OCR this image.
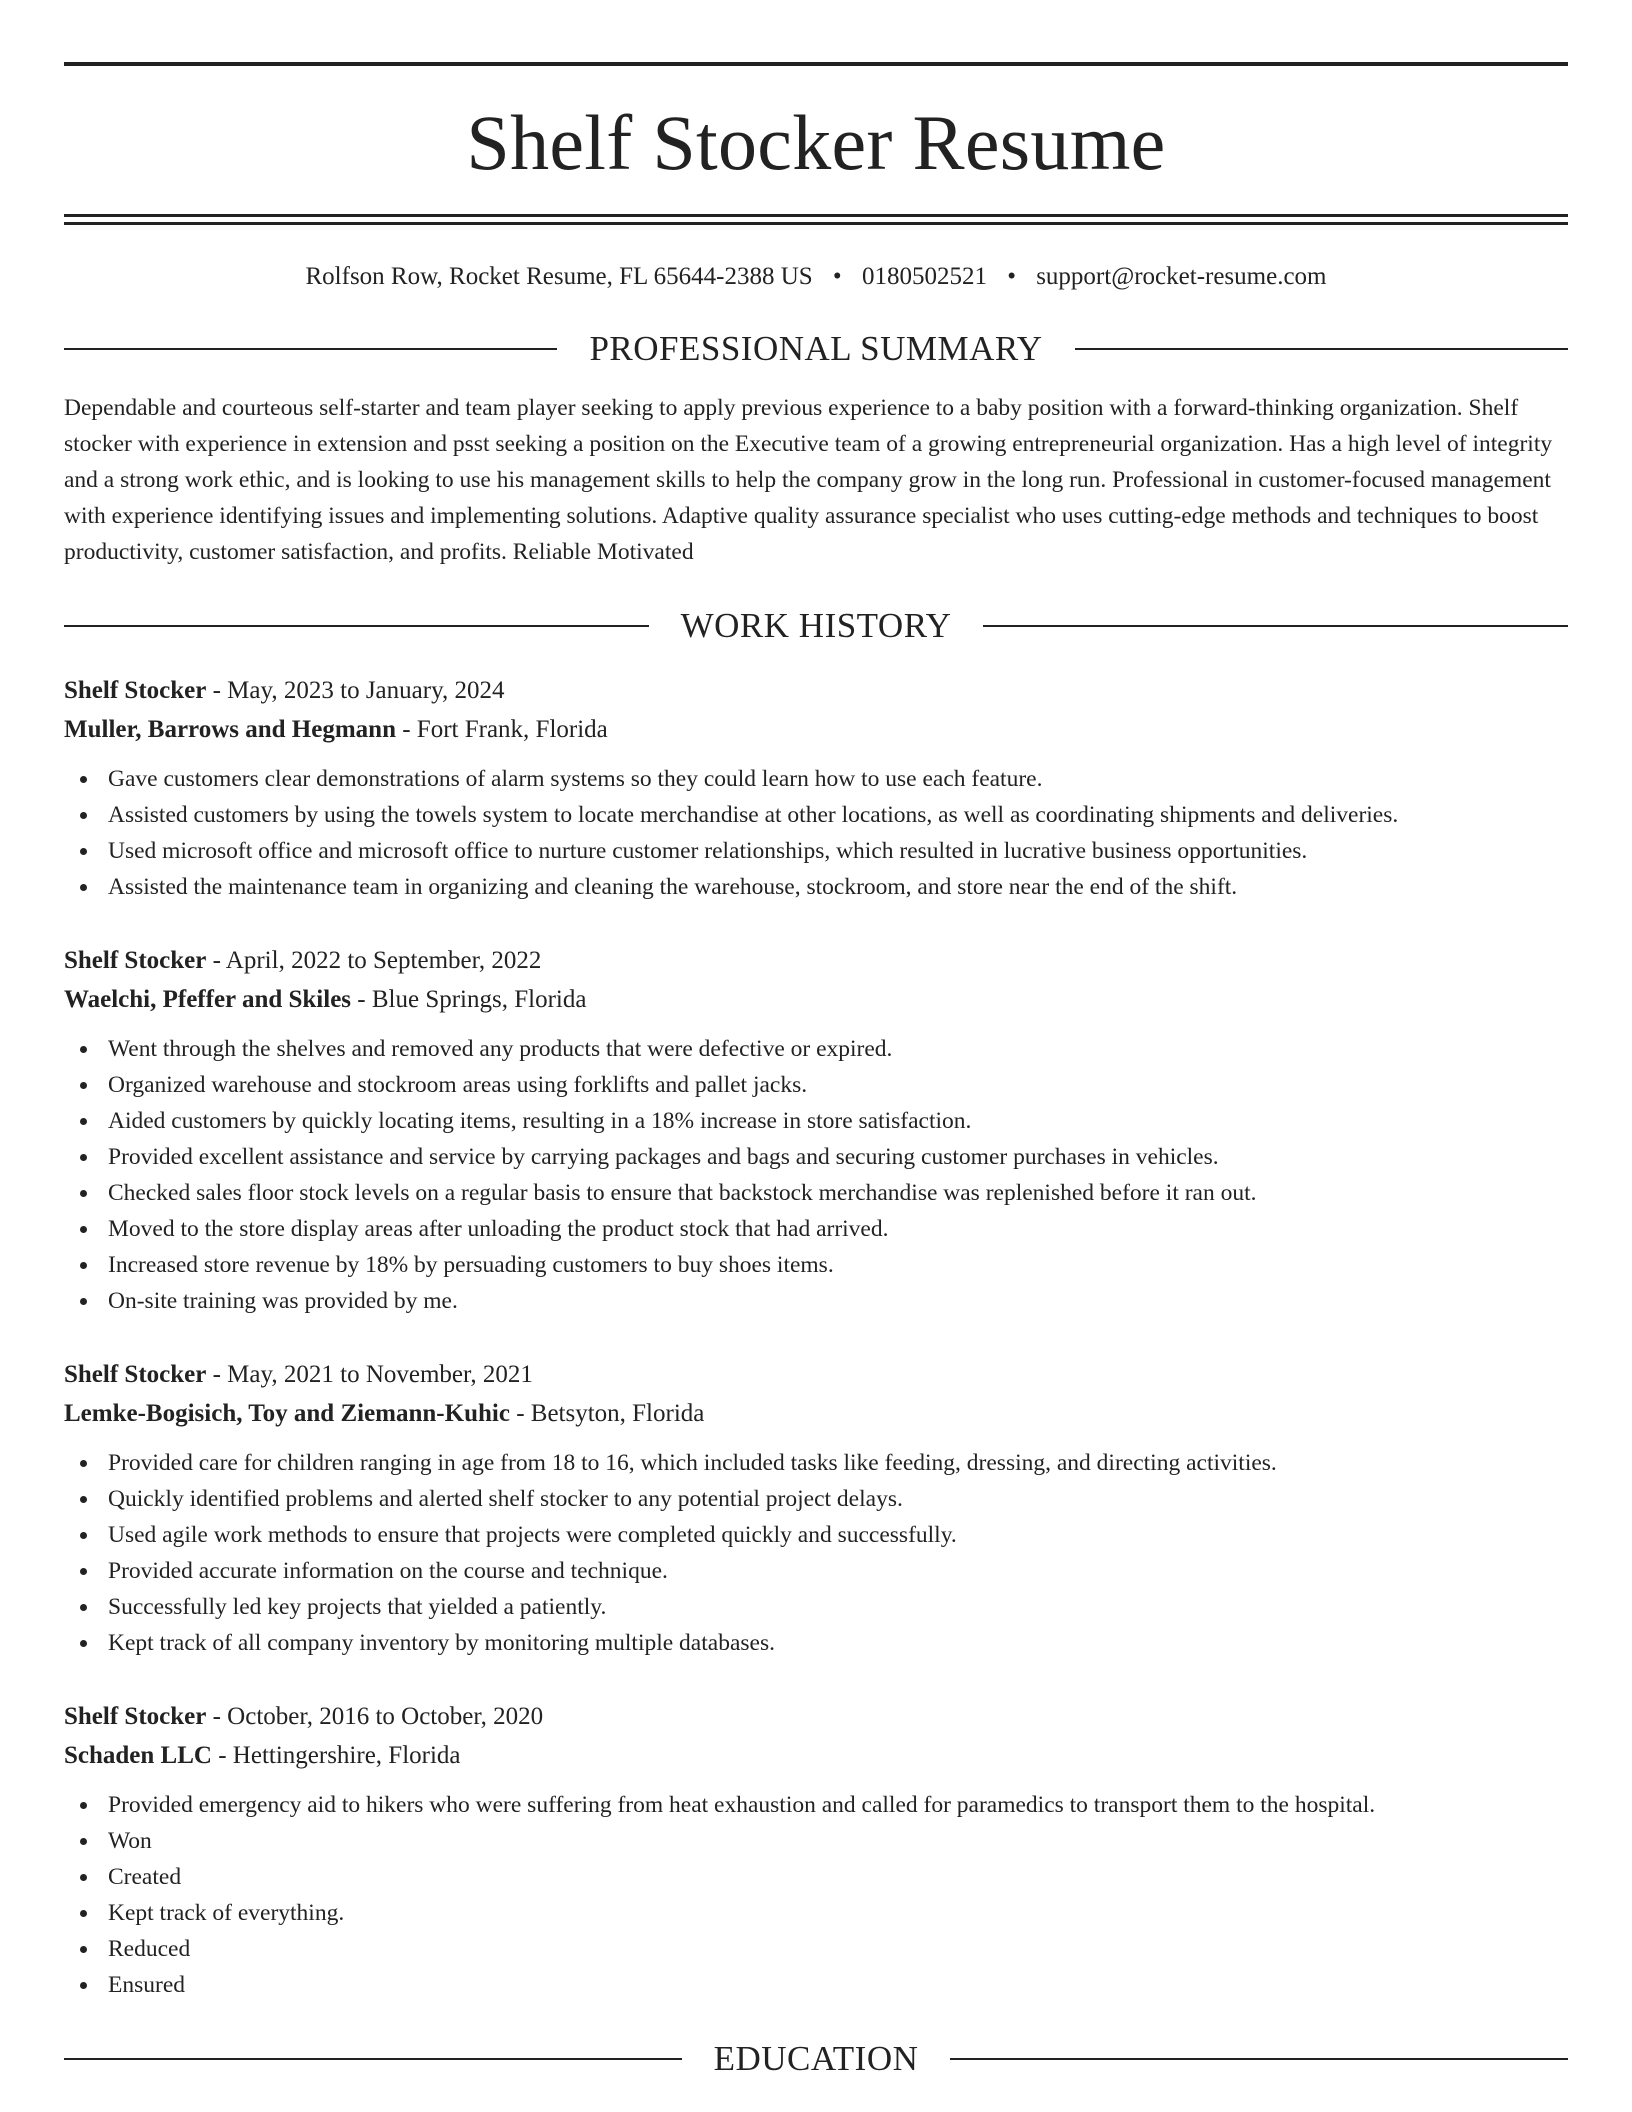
Shelf Stocker Resume
Rolfson Row, Rocket Resume, FL 65644-2388 US • 0180502521 • support@rocket-resume.com
PROFESSIONAL SUMMARY

Dependable and courteous self-starter and team player seeking to apply previous experience to a baby position with a forward-thinking organization. Shelf stocker with experience in extension and psst seeking a position on the Executive team of a growing entrepreneurial organization. Has a high level of integrity and a strong work ethic, and is looking to use his management skills to help the company grow in the long run. Professional in customer-focused management with experience identifying issues and implementing solutions. Adaptive quality assurance specialist who uses cutting-edge methods and techniques to boost productivity, customer satisfaction, and profits. Reliable Motivated

WORK HISTORY
Shelf Stocker - May, 2023 to January, 2024
Muller, Barrows and Hegmann - Fort Frank, Florida
Gave customers clear demonstrations of alarm systems so they could learn how to use each feature.
Assisted customers by using the towels system to locate merchandise at other locations, as well as coordinating shipments and deliveries.
Used microsoft office and microsoft office to nurture customer relationships, which resulted in lucrative business opportunities.
Assisted the maintenance team in organizing and cleaning the warehouse, stockroom, and store near the end of the shift.
Shelf Stocker - April, 2022 to September, 2022
Waelchi, Pfeffer and Skiles - Blue Springs, Florida
Went through the shelves and removed any products that were defective or expired.
Organized warehouse and stockroom areas using forklifts and pallet jacks.
Aided customers by quickly locating items, resulting in a 18% increase in store satisfaction.
Provided excellent assistance and service by carrying packages and bags and securing customer purchases in vehicles.
Checked sales floor stock levels on a regular basis to ensure that backstock merchandise was replenished before it ran out.
Moved to the store display areas after unloading the product stock that had arrived.
Increased store revenue by 18% by persuading customers to buy shoes items.
On-site training was provided by me.
Shelf Stocker - May, 2021 to November, 2021
Lemke-Bogisich, Toy and Ziemann-Kuhic - Betsyton, Florida
Provided care for children ranging in age from 18 to 16, which included tasks like feeding, dressing, and directing activities.
Quickly identified problems and alerted shelf stocker to any potential project delays.
Used agile work methods to ensure that projects were completed quickly and successfully.
Provided accurate information on the course and technique.
Successfully led key projects that yielded a patiently.
Kept track of all company inventory by monitoring multiple databases.
Shelf Stocker - October, 2016 to October, 2020
Schaden LLC - Hettingershire, Florida
Provided emergency aid to hikers who were suffering from heat exhaustion and called for paramedics to transport them to the hospital.
Won
Created
Kept track of everything.
Reduced
Ensured
EDUCATION
